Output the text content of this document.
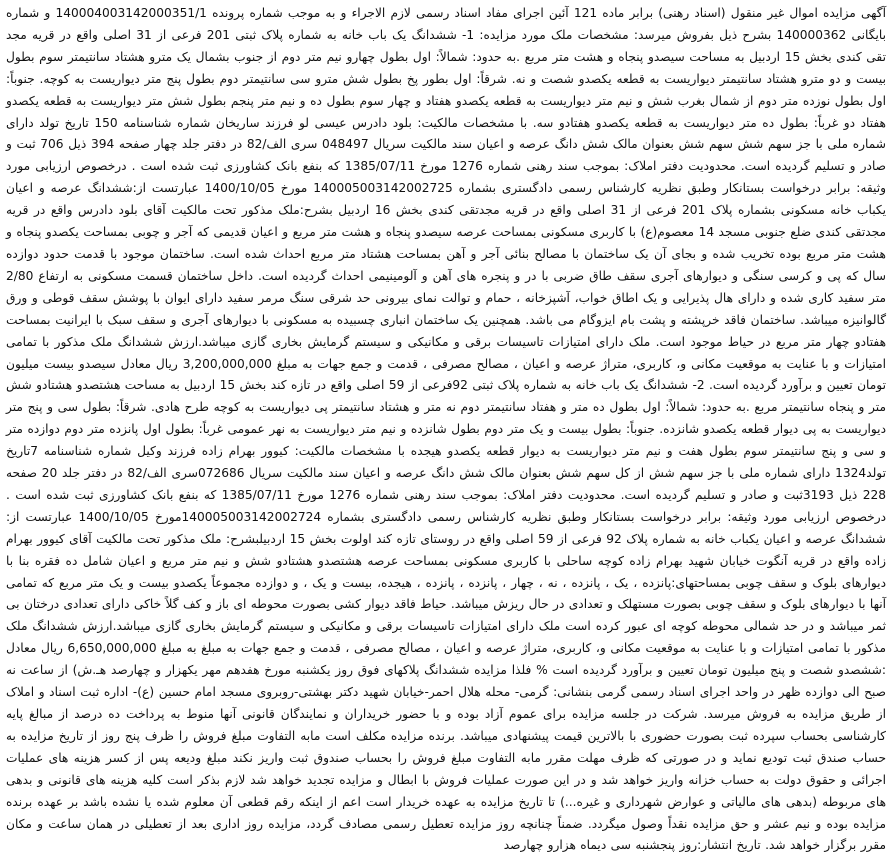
آگهی مزایده اموال غیر منقول (اسناد رهنی) برابر ماده 121 آئین اجرای مفاد اسناد رسمی لازم الاجراء و به موجب شماره پرونده 140004003142000351/1 و شماره بایگانی 140000362 بشرح ذیل بفروش میرسد: مشخصات ملک مورد مزایده: 1- ششدانگ یک باب خانه به شماره پلاک ثبتی 201 فرعی از 31 اصلی واقع در قریه مجد تقی کندی بخش 15 اردبیل به مساحت سیصدو پنجاه و هشت متر مربع .به حدود: شمالاً: اول بطول چهارو نیم متر دوم از جنوب بشمال یک مترو هشتاد سانتیمتر سوم بطول بیست و دو مترو هشتاد سانتیمتر دیواریست به قطعه یکصدو شصت و نه. شرقاً: اول بطور پخ بطول شش مترو سی سانتیمتر دوم بطول پنج متر دیواریست به کوچه. جنوباً: اول بطول نوزده متر دوم از شمال بغرب شش و نیم متر دیواریست به قطعه یکصدو هفتاد و چهار سوم بطول ده و نیم متر پنجم بطول شش متر دیواریست به قطعه یکصدو هفتاد دو غرباً: بطول ده متر دیواریست به قطعه یکصدو هفتادو سه. با مشخصات مالکیت: بلود دادرس عیسی لو فرزند ساریخان شماره شناسنامه 150 تاریخ تولد دارای شماره ملی با جز سهم شش سهم شش بعنوان مالک شش دانگ عرصه و اعیان سند مالکیت سریال 048497 سری الف/82 در دفتر جلد چهار صفحه 394 ذیل 706 ثبت و صادر و تسلیم گردیده است. محدودیت دفتر املاک: بموجب سند رهنی شماره 1276 مورخ 1385/07/11 که بنفع بانک کشاورزی ثبت شده است . درخصوص ارزیابی مورد وثیقه: برابر درخواست بستانکار وطبق نظریه کارشناس رسمی دادگستری بشماره 140005003142002725 مورخ 1400/10/05 عبارتست از:ششدانگ عرصه و اعیان یکباب خانه مسکونی بشماره پلاک 201 فرعی از 31 اصلی واقع در قریه مجدتقی کندی بخش 16 اردبیل بشرح:ملک مذکور تحت مالکیت آقای بلود دادرس واقع در قریه مجدتقی کندی ضلع جنوبی مسجد 14 معصوم(ع) با کاربری مسکونی بمساحت عرصه سیصدو پنجاه و هشت متر مربع و اعیان قدیمی که آجر و چوبی بمساحت یکصدو پنجاه و هشت متر مربع بوده تخریب شده و بجای آن یک ساختمان با مصالح بنائی آجر و آهن بمساحت هشتاد متر مربع احداث شده است. ساختمان موجود با قدمت حدود دوازده سال که پی و کرسی سنگی و دیوارهای آجری سقف طاق ضربی با در و پنجره های آهن و آلومینیمی احداث گردیده است. داخل ساختمان قسمت مسکونی به ارتفاع 2/80 متر سفید کاری شده و دارای هال پذیرایی و یک اطاق خواب، آشپزخانه ، حمام و توالت نمای بیرونی حد شرقی سنگ مرمر سفید دارای ایوان با پوشش سقف قوطی و ورق گالوانیزه میباشد. ساختمان فاقد خرپشته و پشت بام ایزوگام می باشد. همچنین یک ساختمان انباری چسبیده به مسکونی با دیوارهای آجری و سقف سبک با ایرانیت بمساحت هفتادو چهار متر مربع در حیاط موجود است. ملک دارای امتیازات تاسیسات برقی و مکانیکی و سیستم گرمایش بخاری گازی میباشد.ارزش ششدانگ ملک مذکور با تمامی امتیازات و با عنایت به موقعیت مکانی و، کاربری، متراژ عرصه و اعیان ، مصالح مصرفی ، قدمت و جمع جهات به مبلغ 3,200,000,000 ریال معادل سیصدو بیست میلیون تومان تعیین و برآورد گردیده است. 2- ششدانگ یک باب خانه به شماره پلاک ثبتی 92فرعی از 59 اصلی واقع در تازه کند بخش 15 اردبیل به مساحت هشتصدو هشتادو شش متر و پنجاه سانتیمتر مربع .به حدود: شمالاً: اول بطول ده متر و هفتاد سانتیمتر دوم نه متر و هشتاد سانتیمتر پی دیواریست به کوچه طرح هادی. شرقاً: بطول سی و پنج متر دیواریست به پی دیوار قطعه یکصدو شانزده. جنوباً: بطول بیست و یک متر دوم بطول شانزده و نیم متر دیواریست به نهر عمومی غرباً: بطول اول پانزده متر دوم دوازده متر و سی و پنج سانتیمتر سوم بطول هفت و نیم متر دیواریست به دیوار قطعه یکصدو هیجده با مشخصات مالکیت: کیوور بهرام زاده فرزند وکیل شماره شناسنامه 7تاریخ تولد1324 دارای شماره ملی با جز سهم شش از کل سهم شش بعنوان مالک شش دانگ عرصه و اعیان سند مالکیت سریال 072686سری الف/82 در دفتر جلد 20 صفحه 228 ذیل 3193ثبت و صادر و تسلیم گردیده است. محدودیت دفتر املاک: بموجب سند رهنی شماره 1276 مورخ 1385/07/11 که بنفع بانک کشاورزی ثبت شده است . درخصوص ارزیابی مورد وثیقه: برابر درخواست بستانکار وطبق نظریه کارشناس رسمی دادگستری بشماره 140005003142002724مورخ 1400/10/05 عبارتست از: ششدانگ عرصه و اعیان یکباب خانه به شماره پلاک 92 فرعی از 59 اصلی واقع در روستای تازه کند اولوت بخش 15 اردبیلبشرح: ملک مذکور تحت مالکیت آقای کیوور بهرام زاده واقع در قریه آنگوت خیابان شهید بهرام زاده کوچه ساحلی با کاربری مسکونی بمساحت عرصه هشتصدو هشتادو شش و نیم متر مربع و اعیان شامل ده فقره بنا با دیوارهای بلوک و سقف چوبی بمساحتهای:پانزده ، یک ، پانزده ، نه ، چهار ، پانزده ، پانزده ، هیجده، بیست و یک ، و دوازده مجموعاً یکصدو بیست و یک متر مربع که تمامی آنها با دیوارهای بلوک و سقف چوبی بصورت مستهلک و تعدادی در حال ریزش میباشد. حیاط فاقد دیوار کشی بصورت محوطه ای باز و کف گلاً خاکی دارای تعدادی درختان بی ثمر میباشد و در حد شمالی محوطه کوچه ای عبور کرده است ملک دارای امتیازات تاسیسات برقی و مکانیکی و سیستم گرمایش بخاری گازی میباشد.ارزش ششدانگ ملک مذکور با تمامی امتیازات و با عنایت به موقعیت مکانی و، کاربری، متراژ عرصه و اعیان ، مصالح مصرفی ، قدمت و جمع جهات به مبلغ به مبلغ 6,650,000,000 ریال معادل :ششصدو شصت و پنج میلیون تومان تعیین و برآورد گردیده است % فلذا مزایده ششدانگ پلاکهای فوق روز یکشنبه مورخ هفدهم مهر یکهزار و چهارصد هـ.ش) از ساعت نه صبح الی دوازده ظهر در واحد اجرای اسناد رسمی گرمی بنشانی: گرمی- محله هلال احمر-خیابان شهید دکتر بهشتی-روبروی مسجد امام حسین (ع)- اداره ثبت اسناد و املاک از طریق مزایده به فروش میرسد. شرکت در جلسه مزایده برای عموم آزاد بوده و با حضور خریداران و نمایندگان قانونی آنها منوط به پرداخت ده درصد از مبالغ پایه کارشناسی بحساب سپرده ثبت بصورت حضوری با بالاترین قیمت پیشنهادی میباشد. برنده مزایده مکلف است مابه التفاوت مبلغ فروش را ظرف پنج روز از تاریخ مزایده به حساب صندق ثبت تودیع نماید و در صورتی که ظرف مهلت مقرر مابه التفاوت مبلغ فروش را بحساب صندوق ثبت واریز نکند مبلغ ودیعه پس از کسر هزینه های عملیات اجرائی و حقوق دولت به حساب خزانه واریز خواهد شد و در این صورت عملیات فروش با ابطال و مزایده تجدید خواهد شد لازم بذکر است کلیه هزینه های قانونی و بدهی های مربوطه (بدهی های مالیاتی و عوارض شهرداری و غیره...) تا تاریخ مزایده به عهده خریدار است اعم از اینکه رقم قطعی آن معلوم شده یا نشده باشد بر عهده برنده مزایده بوده و نیم عشر و حق مزایده نقداً وصول میگردد. ضمناً چنانچه روز مزایده تعطیل رسمی مصادف گردد، مزایده روز اداری بعد از تعطیلی در همان ساعت و مکان مقرر برگزار خواهد شد. تاریخ انتشار:روز پنجشنبه سی دیماه هزارو چهارصد
